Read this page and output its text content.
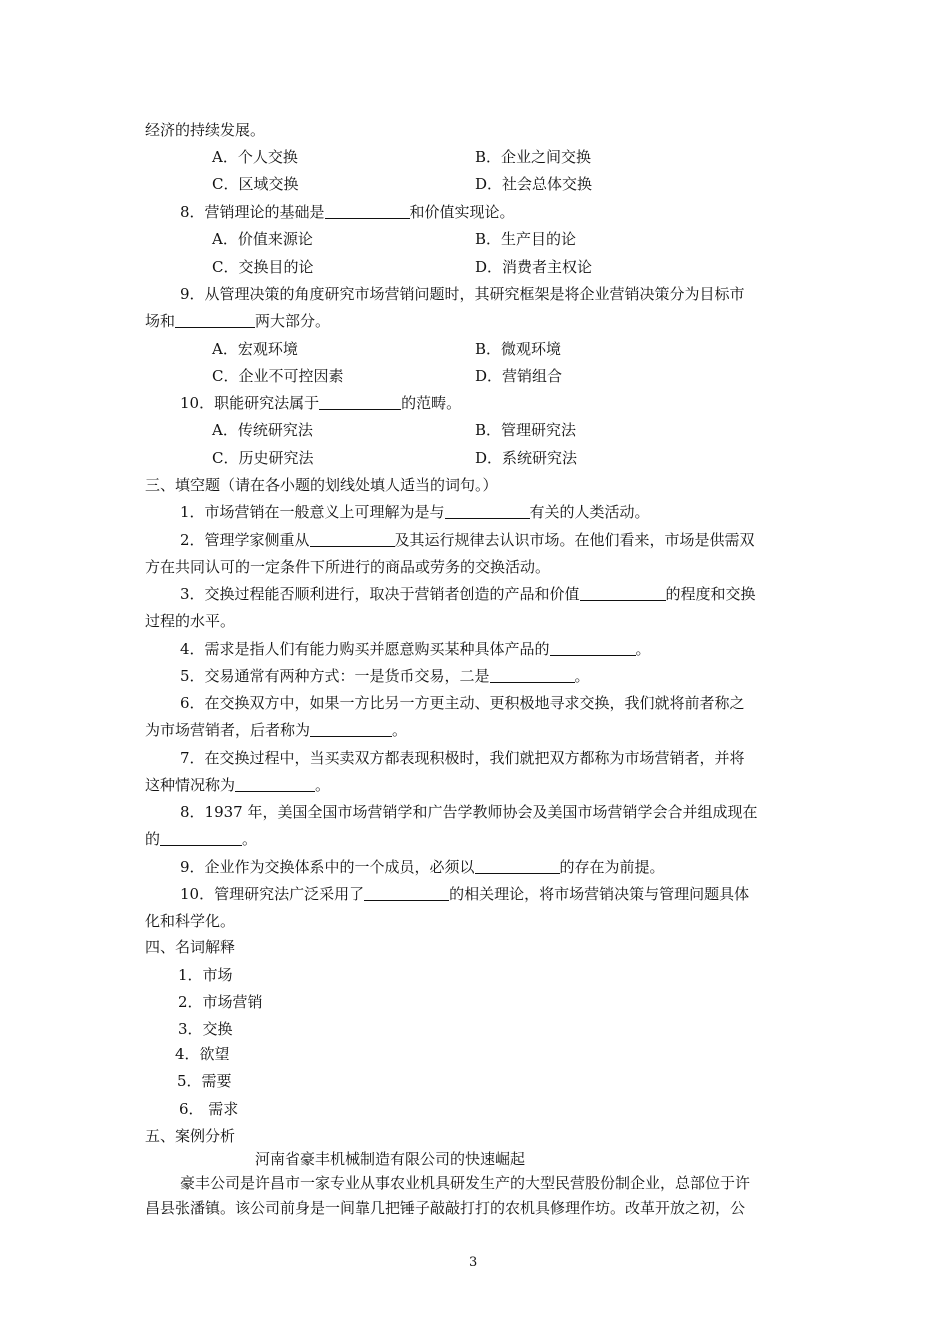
经济的持续发展。
A．个人交换	B．企业之间交换
C．区域交换	D．社会总体交换
8．营销理论的基础是	和价值实现论。
A．价值来源论	B．生产目的论
C．交换目的论	D．消费者主权论
9．从管理决策的角度研究市场营销问题时，其研究框架是将企业营销决策分为目标市
场和	两大部分。
A．宏观环境	B．微观环境
C．企业不可控因素	D．营销组合
10．职能研究法属于	的范畴。
A．传统研究法	B．管理研究法
C．历史研究法	D．系统研究法
三、填空题（请在各小题的划线处填人适当的词句。）
1．市场营销在一般意义上可理解为是与	有关的人类活动。
2．管理学家侧重从	及其运行规律去认识市场。在他们看来，市场是供需双
方在共同认可的一定条件下所进行的商品或劳务的交换活动。
3．交换过程能否顺利进行，取决于营销者创造的产品和价值	的程度和交换
过程的水平。
4．需求是指人们有能力购买并愿意购买某种具体产品的	。
5．交易通常有两种方式：一是货币交易，二是	。
6．在交换双方中，如果一方比另一方更主动、更积极地寻求交换，我们就将前者称之
为市场营销者，后者称为	。
7．在交换过程中，当买卖双方都表现积极时，我们就把双方都称为市场营销者，并将
这种情况称为	。
8．1937 年，美国全国市场营销学和广告学教师协会及美国市场营销学会合并组成现在
的	。
9．企业作为交换体系中的一个成员，必须以	的存在为前提。
10．管理研究法广泛采用了	的相关理论，将市场营销决策与管理问题具体
化和科学化。
四、名词解释
1．市场
2．市场营销
3．交换
4．欲望
5．需要
6． 需求
五、案例分析
河南省豪丰机械制造有限公司的快速崛起
豪丰公司是许昌市一家专业从事农业机具研发生产的大型民营股份制企业，总部位于许
昌县张潘镇。该公司前身是一间靠几把锤子敲敲打打的农机具修理作坊。改革开放之初，公
3
